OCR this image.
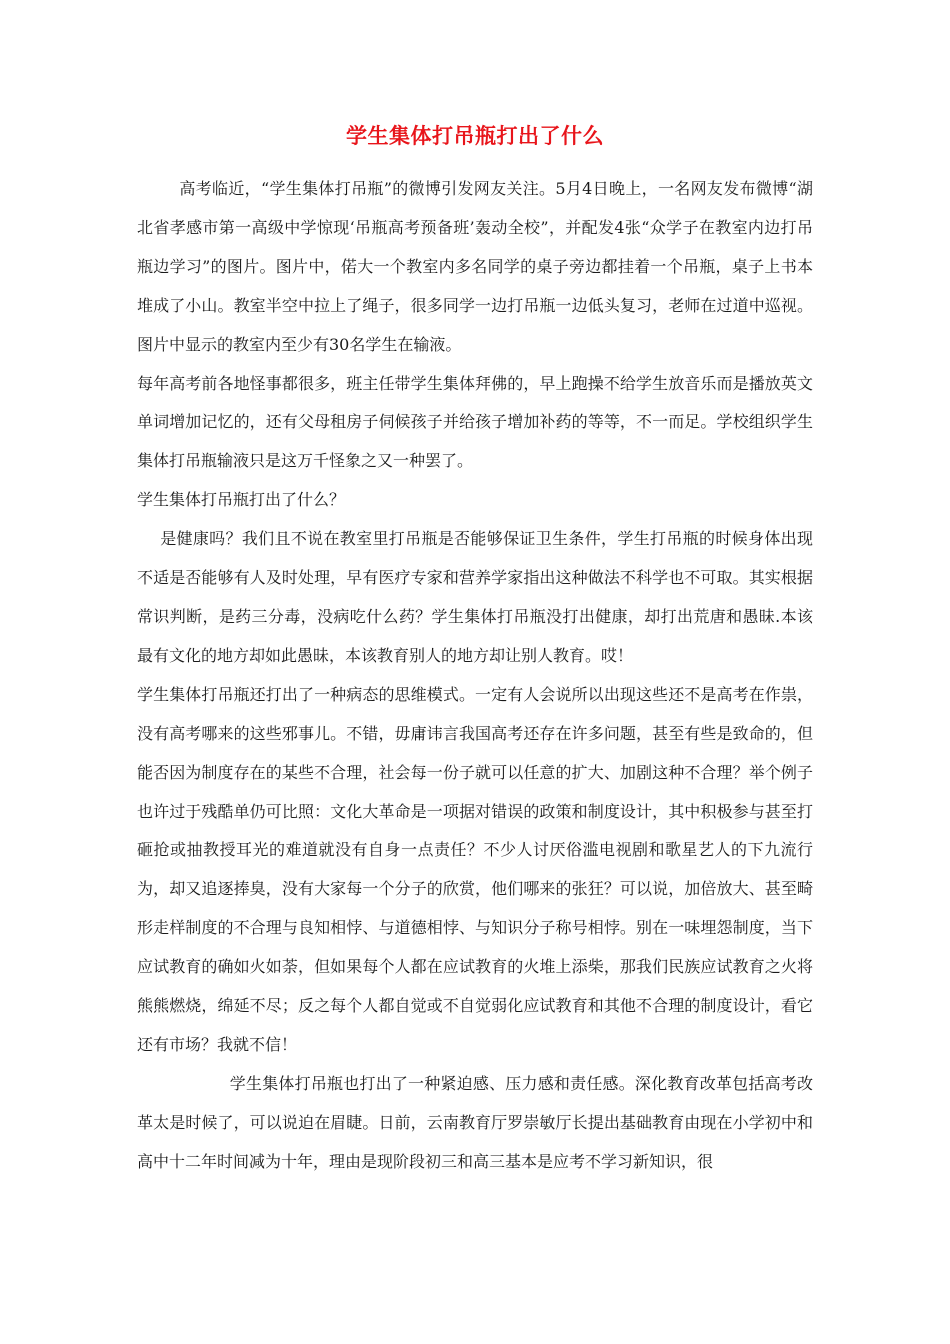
学生集体打吊瓶打出了什么

高考临近，“学生集体打吊瓶”的微博引发网友关注。5月4日晚上，一名网友发布微博“湖北省孝感市第一高级中学惊现‘吊瓶高考预备班’轰动全校”，并配发4张“众学子在教室内边打吊瓶边学习”的图片。图片中，偌大一个教室内多名同学的桌子旁边都挂着一个吊瓶，桌子上书本堆成了小山。教室半空中拉上了绳子，很多同学一边打吊瓶一边低头复习，老师在过道中巡视。图片中显示的教室内至少有30名学生在输液。

每年高考前各地怪事都很多，班主任带学生集体拜佛的，早上跑操不给学生放音乐而是播放英文单词增加记忆的，还有父母租房子伺候孩子并给孩子增加补药的等等，不一而足。学校组织学生集体打吊瓶输液只是这万千怪象之又一种罢了。

学生集体打吊瓶打出了什么？

是健康吗？我们且不说在教室里打吊瓶是否能够保证卫生条件，学生打吊瓶的时候身体出现不适是否能够有人及时处理，早有医疗专家和营养学家指出这种做法不科学也不可取。其实根据常识判断，是药三分毒，没病吃什么药？学生集体打吊瓶没打出健康，却打出荒唐和愚昧.本该最有文化的地方却如此愚昧，本该教育别人的地方却让别人教育。哎！

学生集体打吊瓶还打出了一种病态的思维模式。一定有人会说所以出现这些还不是高考在作祟，没有高考哪来的这些邪事儿。不错，毋庸讳言我国高考还存在许多问题，甚至有些是致命的，但能否因为制度存在的某些不合理，社会每一份子就可以任意的扩大、加剧这种不合理？举个例子也许过于残酷单仍可比照：文化大革命是一项据对错误的政策和制度设计，其中积极参与甚至打砸抢或抽教授耳光的难道就没有自身一点责任？不少人讨厌俗滥电视剧和歌星艺人的下九流行为，却又追逐捧臭，没有大家每一个分子的欣赏，他们哪来的张狂？可以说，加倍放大、甚至畸形走样制度的不合理与良知相悖、与道德相悖、与知识分子称号相悖。别在一味埋怨制度，当下应试教育的确如火如荼，但如果每个人都在应试教育的火堆上添柴，那我们民族应试教育之火将熊熊燃烧，绵延不尽；反之每个人都自觉或不自觉弱化应试教育和其他不合理的制度设计，看它还有市场？我就不信！

学生集体打吊瓶也打出了一种紧迫感、压力感和责任感。深化教育改革包括高考改革太是时候了，可以说迫在眉睫。日前，云南教育厅罗崇敏厅长提出基础教育由现在小学初中和高中十二年时间减为十年，理由是现阶段初三和高三基本是应考不学习新知识，很
